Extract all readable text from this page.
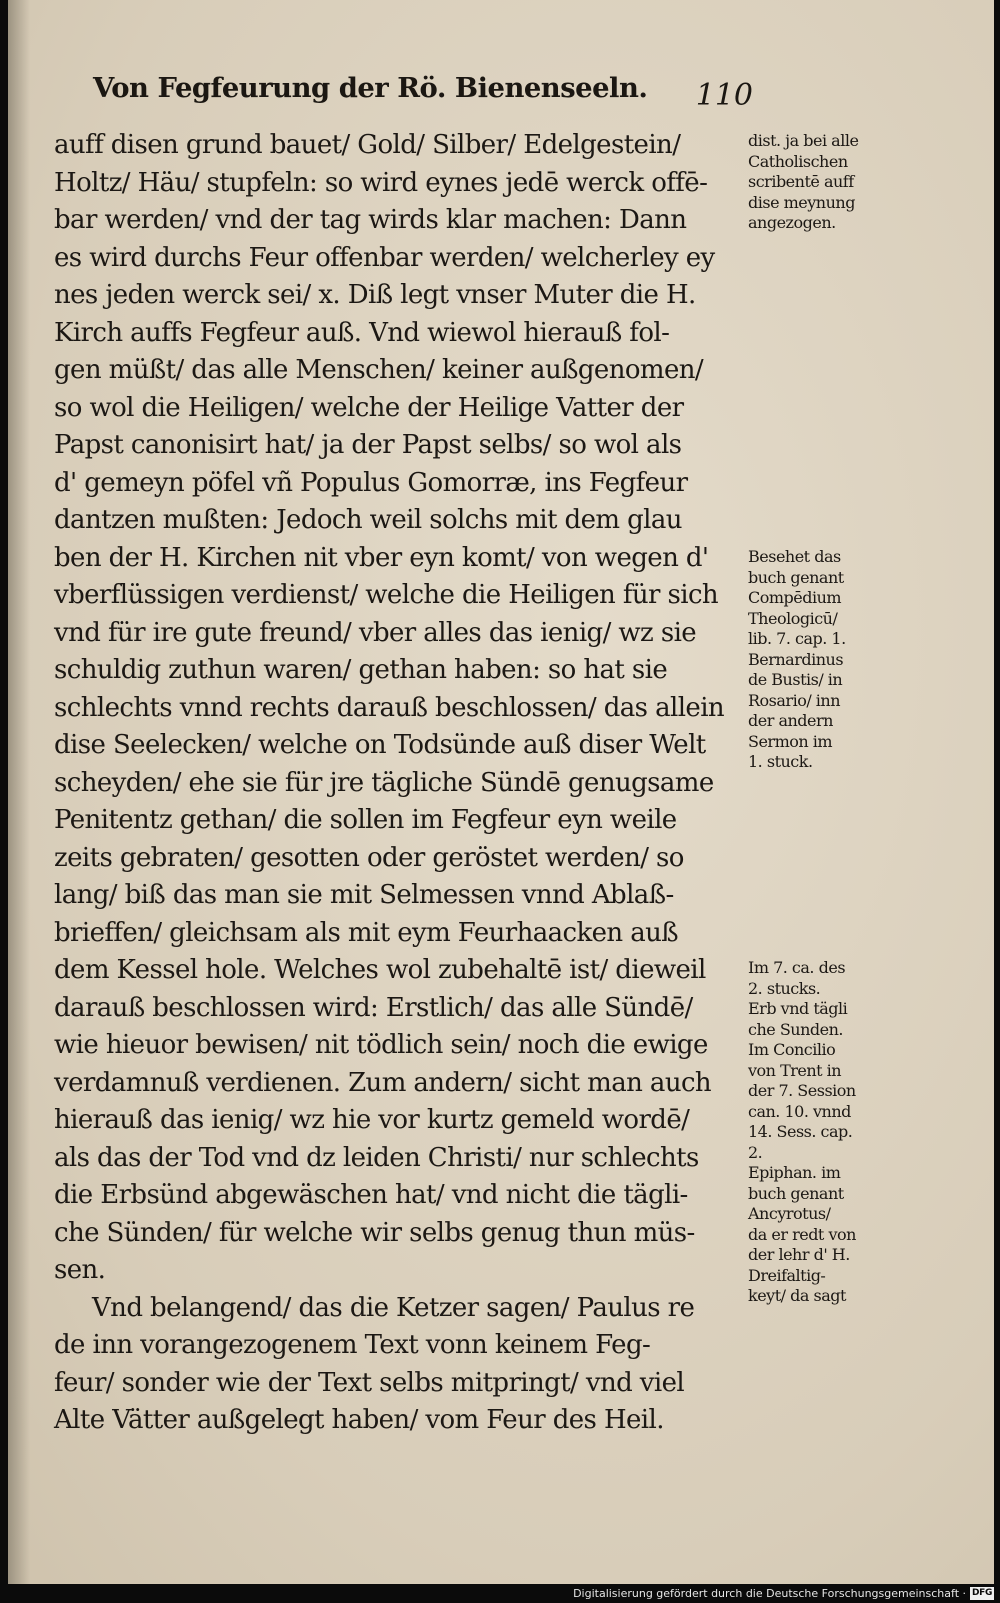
Von Fegfeurung der Rö. Bienenseeln. 110
auff disen grund bauet/ Gold/ Silber/ Edelgestein/
Holtz/ Häu/ stupfeln: so wird eynes jedē werck offē-
bar werden/ vnd der tag wirds klar machen: Dann
es wird durchs Feur offenbar werden/ welcherley ey
nes jeden werck sei/ x. Diß legt vnser Muter die H.
Kirch auffs Fegfeur auß. Vnd wiewol hierauß fol-
gen müßt/ das alle Menschen/ keiner außgenomen/
so wol die Heiligen/ welche der Heilige Vatter der
Papst canonisirt hat/ ja der Papst selbs/ so wol als
d' gemeyn pöfel vñ Populus Gomorræ, ins Fegfeur
dantzen mußten: Jedoch weil solchs mit dem glau
ben der H. Kirchen nit vber eyn komt/ von wegen d'
vberflüssigen verdienst/ welche die Heiligen für sich
vnd für ire gute freund/ vber alles das ienig/ wz sie
schuldig zuthun waren/ gethan haben: so hat sie
schlechts vnnd rechts darauß beschlossen/ das allein
dise Seelecken/ welche on Todsünde auß diser Welt
scheyden/ ehe sie für jre tägliche Sündē genugsame
Penitentz gethan/ die sollen im Fegfeur eyn weile
zeits gebraten/ gesotten oder geröstet werden/ so
lang/ biß das man sie mit Selmessen vnnd Ablaß-
brieffen/ gleichsam als mit eym Feurhaacken auß
dem Kessel hole. Welches wol zubehaltē ist/ dieweil
darauß beschlossen wird: Erstlich/ das alle Sündē/
wie hieuor bewisen/ nit tödlich sein/ noch die ewige
verdamnuß verdienen. Zum andern/ sicht man auch
hierauß das ienig/ wz hie vor kurtz gemeld wordē/
als das der Tod vnd dz leiden Christi/ nur schlechts
die Erbsünd abgewäschen hat/ vnd nicht die tägli-
che Sünden/ für welche wir selbs genug thun müs-
sen.
Vnd belangend/ das die Ketzer sagen/ Paulus re
de inn vorangezogenem Text vonn keinem Feg-
feur/ sonder wie der Text selbs mitpringt/ vnd viel
Alte Vätter außgelegt haben/ vom Feur des Heil.
dist. ja bei alle
Catholischen
scribentē auff
dise meynung
angezogen.
Besehet das
buch genant
Compēdium
Theologicū/
lib. 7. cap. 1.
Bernardinus
de Bustis/ in
Rosario/ inn
der andern
Sermon im
1. stuck.
Im 7. ca. des
2. stucks.
Erb vnd tägli
che Sunden.
Im Concilio
von Trent in
der 7. Session
can. 10. vnnd
14. Sess. cap.
2.
Epiphan. im
buch genant
Ancyrotus/
da er redt von
der lehr d' H.
Dreifaltig-
keyt/ da sagt
Digitalisierung gefördert durch die Deutsche Forschungsgemeinschaft · DFG
